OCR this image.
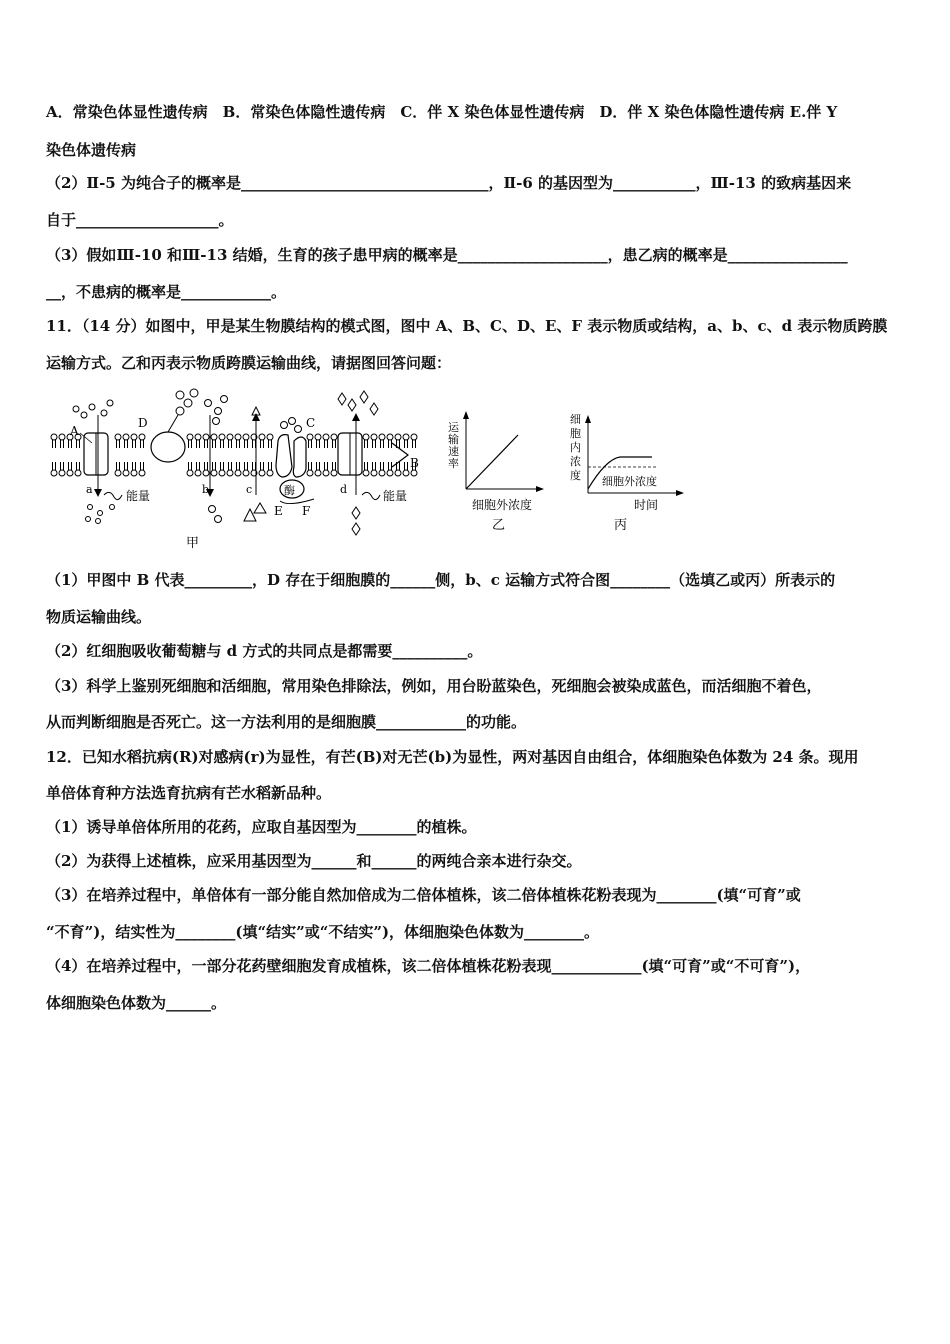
A．常染色体显性遗传病　B．常染色体隐性遗传病　C．伴 X 染色体显性遗传病　D．伴 X 染色体隐性遗传病 E.伴 Y
染色体遗传病
（2）Ⅱ-5 为纯合子的概率是_________________________________，Ⅱ-6 的基因型为___________，Ⅲ-13 的致病基因来
自于___________________。
（3）假如Ⅲ-10 和Ⅲ-13 结婚，生育的孩子患甲病的概率是____________________，患乙病的概率是________________
__，不患病的概率是____________。
11．（14 分）如图中，甲是某生物膜结构的模式图，图中 A、B、C、D、E、F 表示物质或结构，a、b、c、d 表示物质跨膜
运输方式。乙和丙表示物质跨膜运输曲线，请据图回答问题：
A
D	C
酶
E F
B
a	b	c	d
能量	能量
甲
运
输
速
率
细胞外浓度
乙
细
胞
内
浓
度 细胞外浓度
时间
丙
（1）甲图中 B 代表_________，D 存在于细胞膜的______侧，b、c 运输方式符合图________（选填乙或丙）所表示的
物质运输曲线。
（2）红细胞吸收葡萄糖与 d 方式的共同点是都需要__________。
（3）科学上鉴别死细胞和活细胞，常用染色排除法，例如，用台盼蓝染色，死细胞会被染成蓝色，而活细胞不着色，
从而判断细胞是否死亡。这一方法利用的是细胞膜____________的功能。
12．已知水稻抗病(R)对感病(r)为显性，有芒(B)对无芒(b)为显性，两对基因自由组合，体细胞染色体数为 24 条。现用
单倍体育种方法选育抗病有芒水稻新品种。
（1）诱导单倍体所用的花药，应取自基因型为________的植株。
（2）为获得上述植株，应采用基因型为______和______的两纯合亲本进行杂交。
（3）在培养过程中，单倍体有一部分能自然加倍成为二倍体植株，该二倍体植株花粉表现为________(填“可育”或
“不育”)，结实性为________(填“结实”或“不结实”)，体细胞染色体数为________。
（4）在培养过程中，一部分花药壁细胞发育成植株，该二倍体植株花粉表现____________(填“可育”或“不可育”)，
体细胞染色体数为______。
